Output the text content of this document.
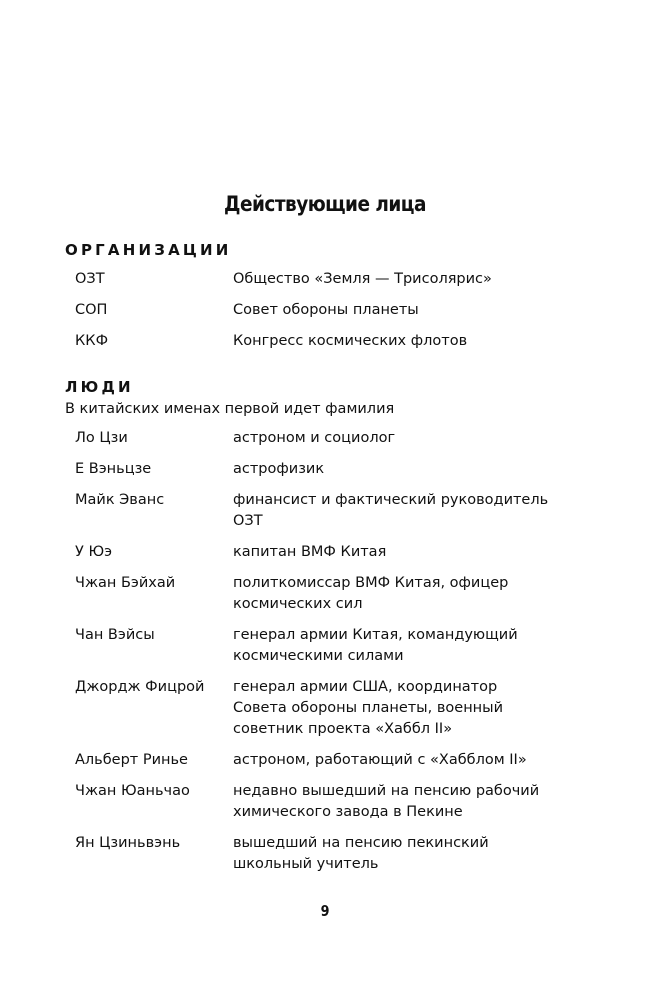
Действующие лица
ОРГАНИЗАЦИИ
ОЗТ	Общество «Земля — Трисолярис»
СОП	Совет обороны планеты
ККФ	Конгресс космических флотов
ЛЮДИ

В китайских именах первой идет фамилия

Ло Цзи	астроном и социолог
Е Вэньцзе	астрофизик
Майк Эванс	финансист и фактический руководитель ОЗТ
У Юэ	капитан ВМФ Китая
Чжан Бэйхай	политкомиссар ВМФ Китая, офицер космических сил
Чан Вэйсы	генерал армии Китая, командующий космическими силами
Джордж Фицрой	генерал армии США, координатор Совета обороны планеты, военный советник проекта «Хаббл II»
Альберт Ринье	астроном, работающий с «Хабблом II»
Чжан Юаньчао	недавно вышедший на пенсию рабочий химического завода в Пекине
Ян Цзиньвэнь	вышедший на пенсию пекинский школьный учитель

9
